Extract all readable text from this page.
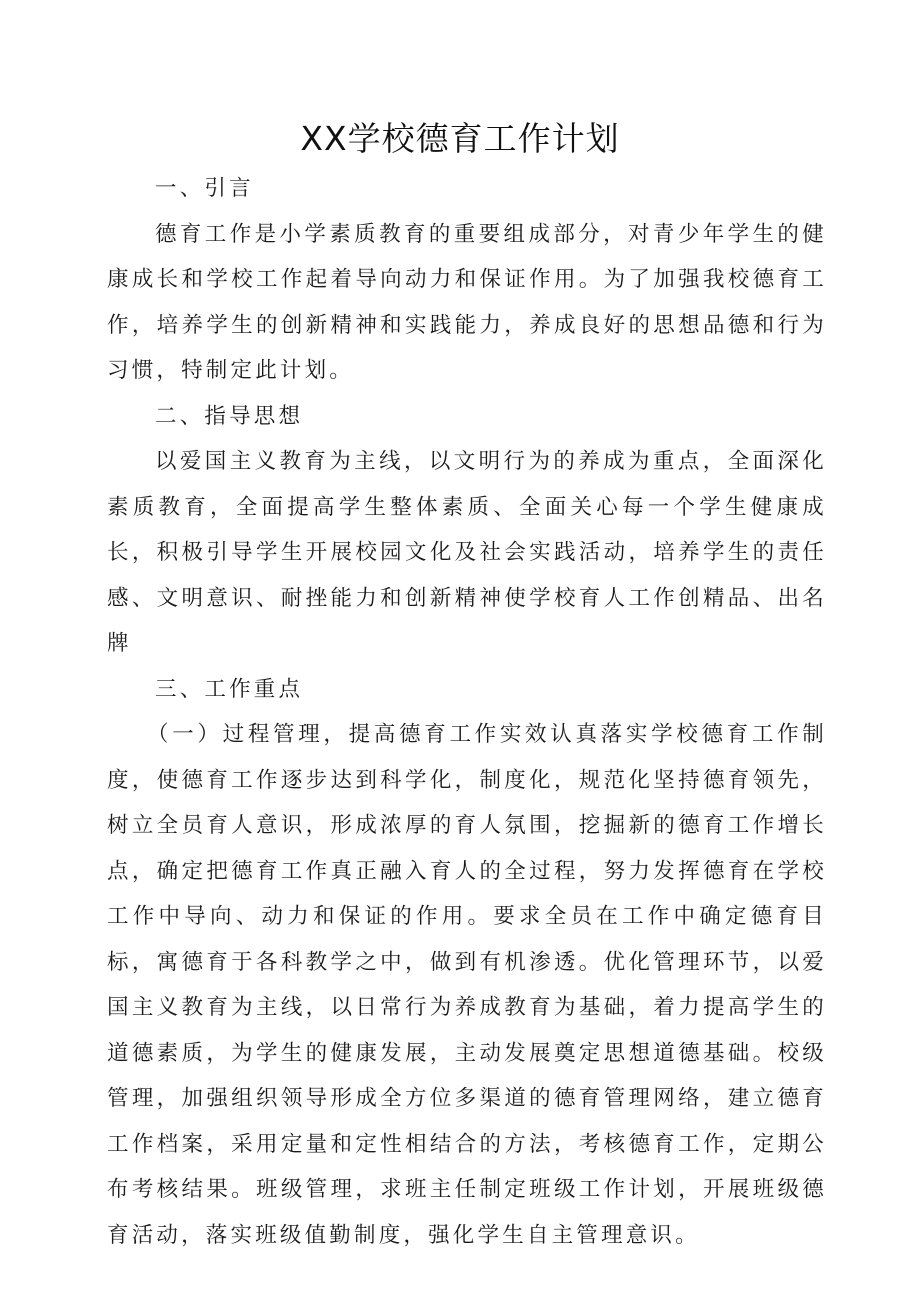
XX学校德育工作计划

一、引言

德育工作是小学素质教育的重要组成部分，对青少年学生的健康成长和学校工作起着导向动力和保证作用。为了加强我校德育工作，培养学生的创新精神和实践能力，养成良好的思想品德和行为习惯，特制定此计划。

二、指导思想

以爱国主义教育为主线，以文明行为的养成为重点，全面深化素质教育，全面提高学生整体素质、全面关心每一个学生健康成长，积极引导学生开展校园文化及社会实践活动，培养学生的责任感、文明意识、耐挫能力和创新精神使学校育人工作创精品、出名牌

三、工作重点

（一）过程管理，提高德育工作实效认真落实学校德育工作制度，使德育工作逐步达到科学化，制度化，规范化坚持德育领先，树立全员育人意识，形成浓厚的育人氛围，挖掘新的德育工作增长点，确定把德育工作真正融入育人的全过程，努力发挥德育在学校工作中导向、动力和保证的作用。要求全员在工作中确定德育目标，寓德育于各科教学之中，做到有机渗透。优化管理环节，以爱国主义教育为主线，以日常行为养成教育为基础，着力提高学生的道德素质，为学生的健康发展，主动发展奠定思想道德基础。校级管理，加强组织领导形成全方位多渠道的德育管理网络，建立德育工作档案，采用定量和定性相结合的方法，考核德育工作，定期公布考核结果。班级管理，求班主任制定班级工作计划，开展班级德育活动，落实班级值勤制度，强化学生自主管理意识。
